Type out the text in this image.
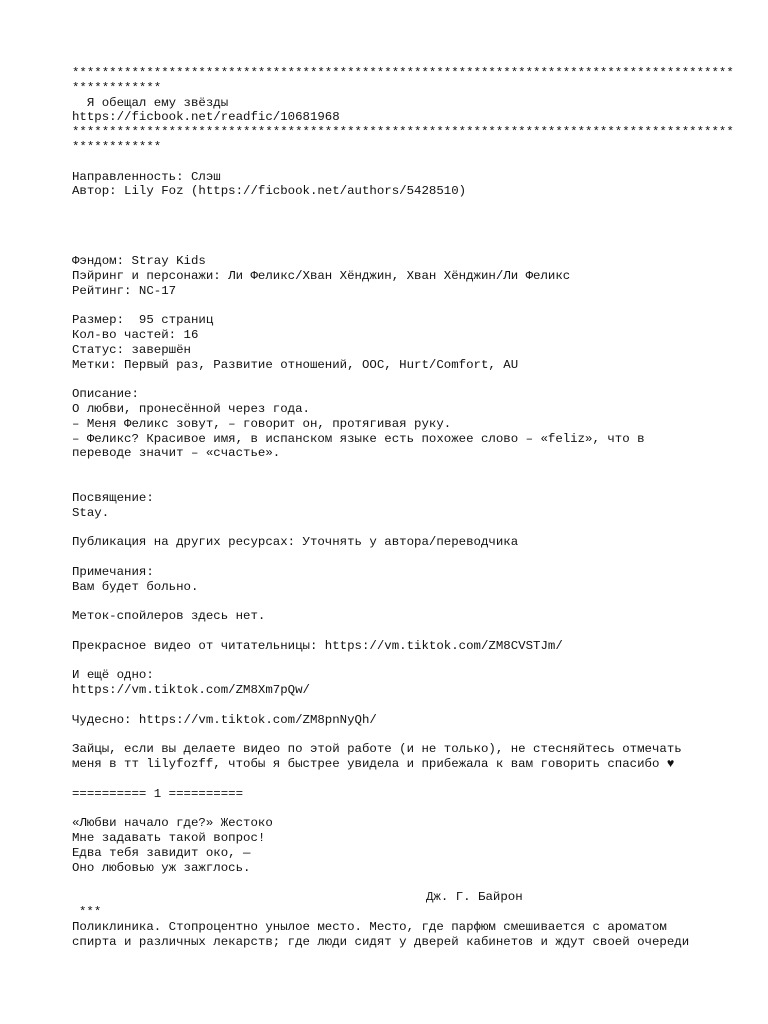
*****************************************************************************************
************
Я обещал ему звёзды
https://ficbook.net/readfic/10681968
*****************************************************************************************
************
Направленность: Слэш
Автор: Lily Foz (https://ficbook.net/authors/5428510)
Фэндом: Stray Kids
Пэйринг и персонажи: Ли Феликс/Хван Хёнджин, Хван Хёнджин/Ли Феликс
Рейтинг: NC-17
Размер:  95 страниц
Кол-во частей: 16
Статус: завершён
Метки: Первый раз, Развитие отношений, OOC, Hurt/Comfort, AU
Описание:
О любви, пронесённой через года.
– Меня Феликс зовут, – говорит он, протягивая руку.
– Феликс? Красивое имя, в испанском языке есть похожее слово – «feliz», что в
переводе значит – «счастье».
Посвящение:
Stay.
Публикация на других ресурсах: Уточнять у автора/переводчика
Примечания:
Вам будет больно.
Меток-спойлеров здесь нет.
Прекрасное видео от читательницы: https://vm.tiktok.com/ZM8CVSTJm/
И ещё одно:
https://vm.tiktok.com/ZM8Xm7pQw/
Чудесно: https://vm.tiktok.com/ZM8pnNyQh/
Зайцы, если вы делаете видео по этой работе (и не только), не стесняйтесь отмечать
меня в тт lilyfozff, чтобы я быстрее увидела и прибежала к вам говорить спасибо ♥
========== 1 ==========
«Любви начало где?» Жестоко
Мне задавать такой вопрос!
Едва тебя завидит око, —
Оно любовью уж зажглось.
Дж. Г. Байрон
***
Поликлиника. Стопроцентно унылое место. Место, где парфюм смешивается с ароматом
спирта и различных лекарств; где люди сидят у дверей кабинетов и ждут своей очереди
